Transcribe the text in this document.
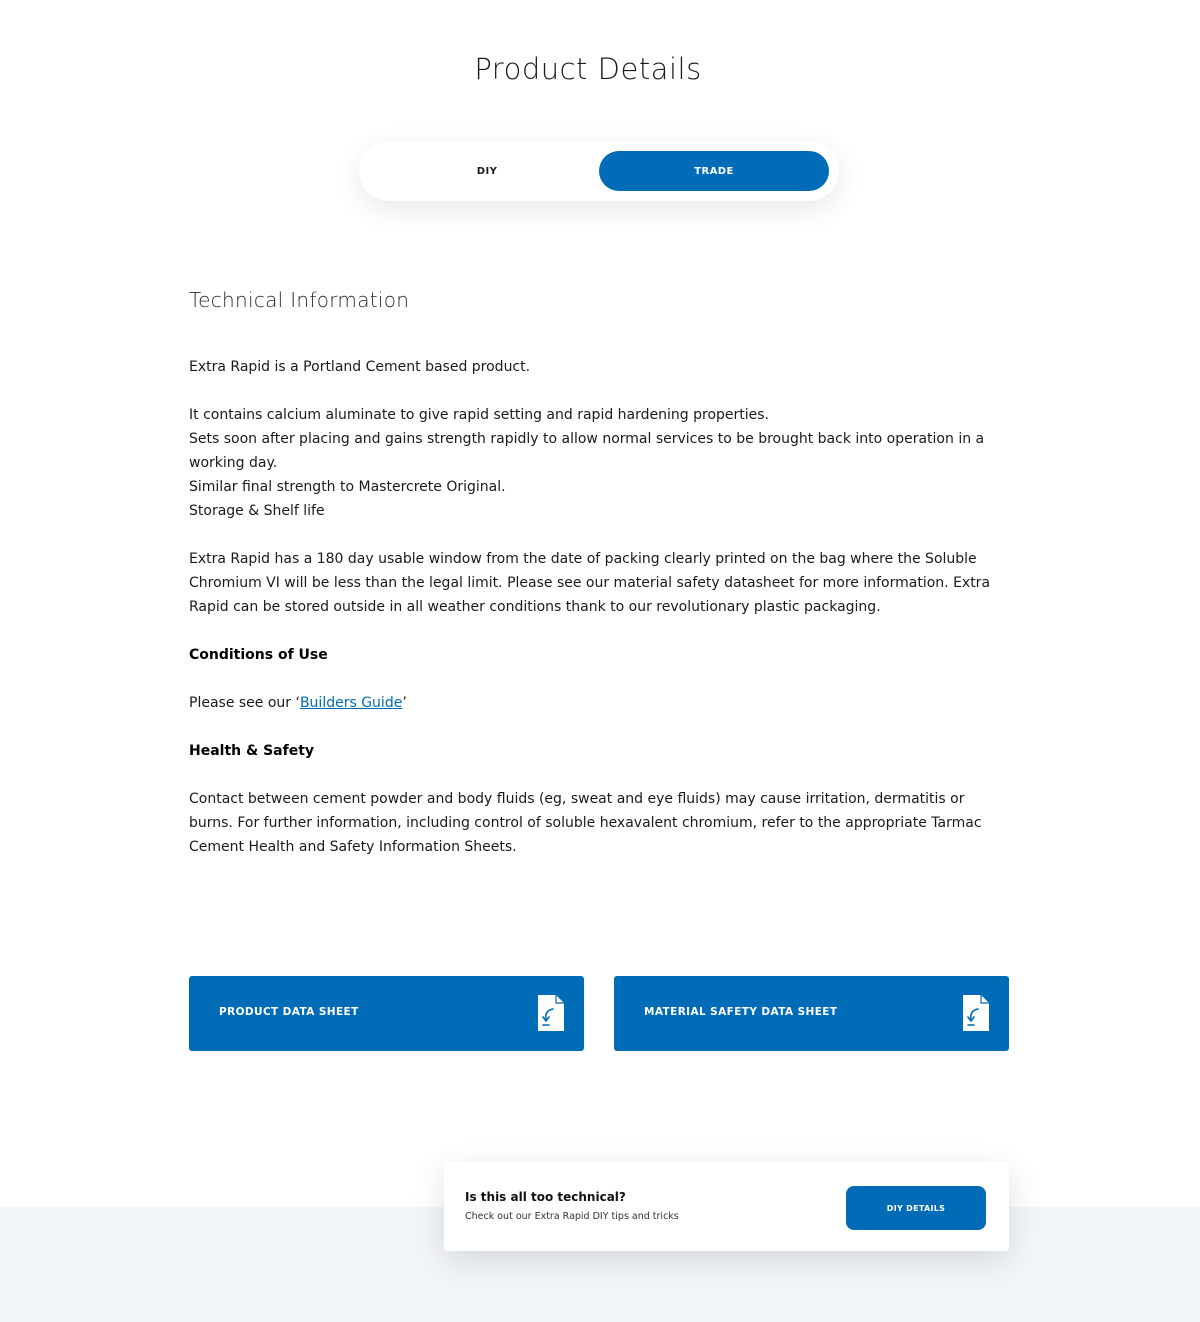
Product Details
DIY	TRADE
Technical Information

Extra Rapid is a Portland Cement based product.

It contains calcium aluminate to give rapid setting and rapid hardening properties.

Sets soon after placing and gains strength rapidly to allow normal services to be brought back into operation in a working day.

Similar final strength to Mastercrete Original.

Storage & Shelf life

Extra Rapid has a 180 day usable window from the date of packing clearly printed on the bag where the Soluble Chromium VI will be less than the legal limit. Please see our material safety datasheet for more information. Extra Rapid can be stored outside in all weather conditions thank to our revolutionary plastic packaging.

Conditions of Use

Please see our ‘Builders Guide’

Health & Safety

Contact between cement powder and body fluids (eg, sweat and eye fluids) may cause irritation, dermatitis or burns. For further information, including control of soluble hexavalent chromium, refer to the appropriate Tarmac Cement Health and Safety Information Sheets.

PRODUCT DATA SHEET	MATERIAL SAFETY DATA SHEET
Is this all too technical?
Check out our Extra Rapid DIY tips and tricks
DIY DETAILS
